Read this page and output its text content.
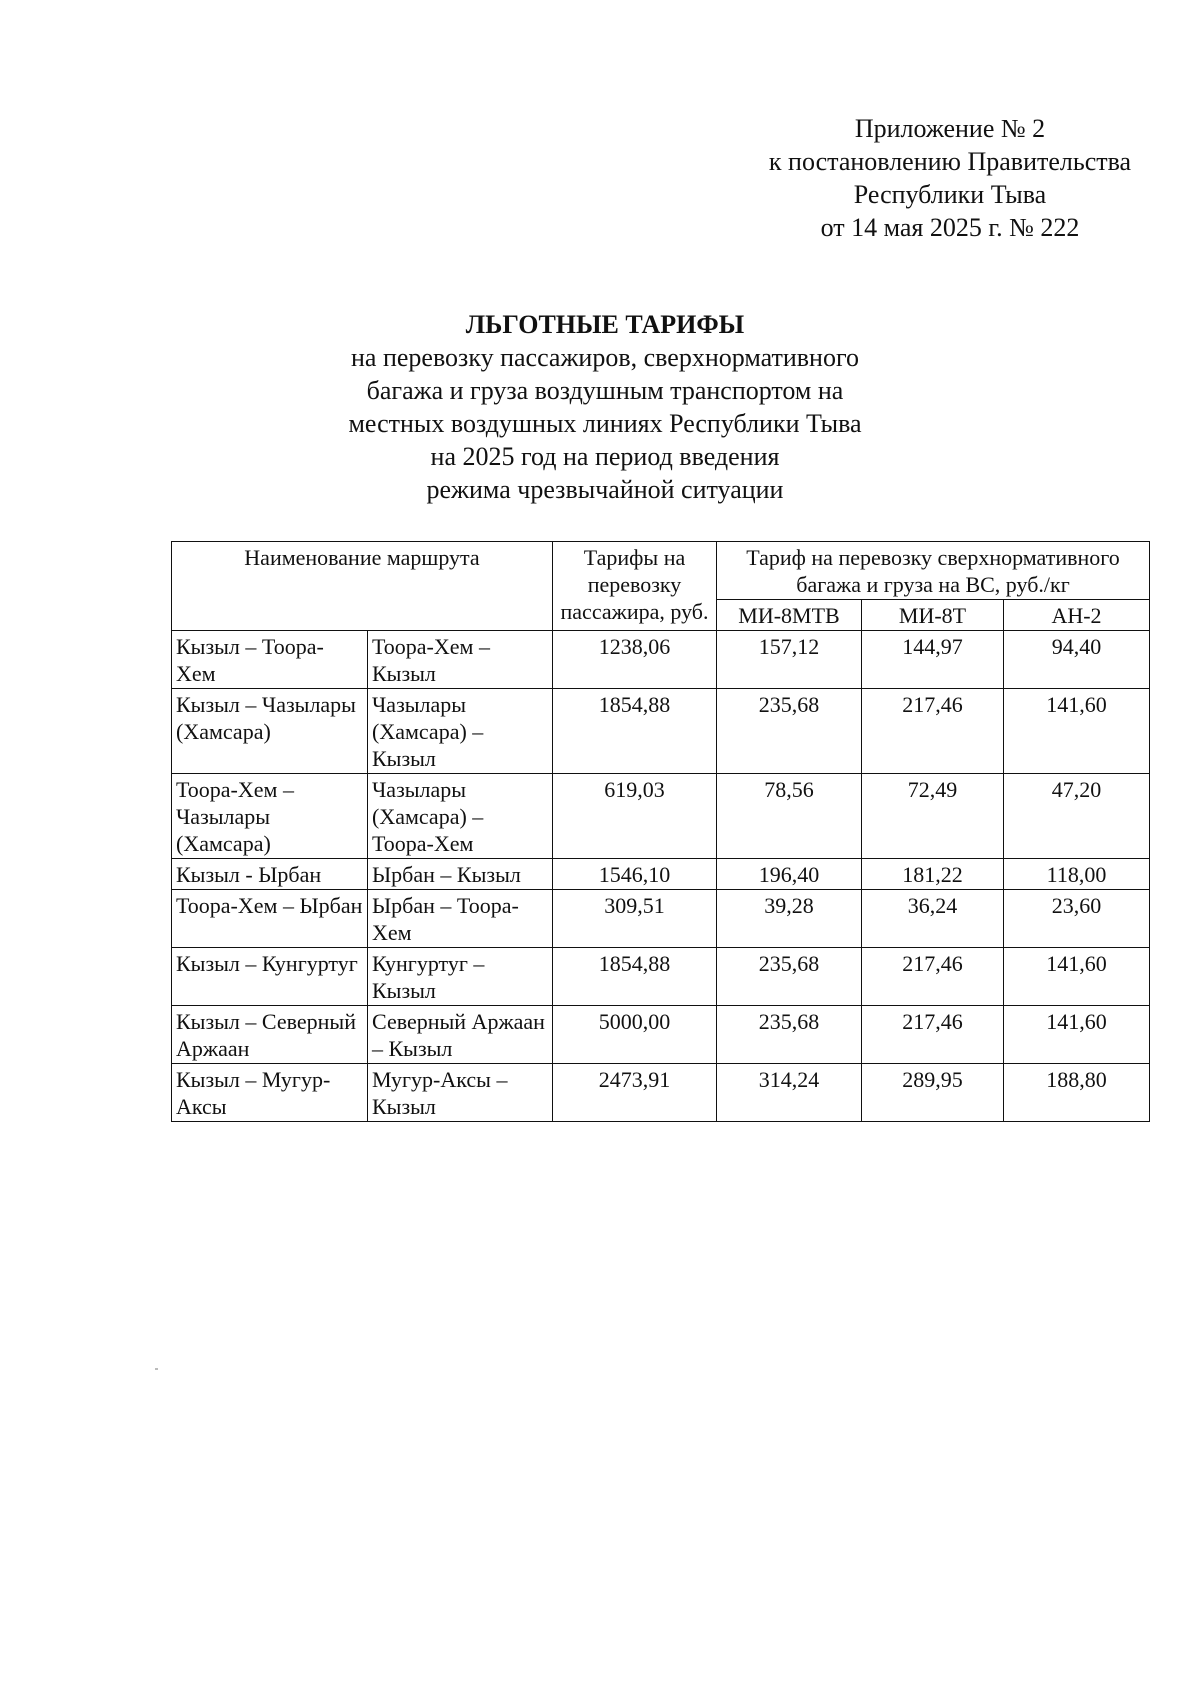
Приложение № 2
к постановлению Правительства
Республики Тыва
от 14 мая 2025 г. № 222
ЛЬГОТНЫЕ ТАРИФЫ
на перевозку пассажиров, сверхнормативного
багажа и груза воздушным транспортом на
местных воздушных линиях Республики Тыва
на 2025 год на период введения
режима чрезвычайной ситуации
Наименование маршрута		Тарифы на перевозку пассажира, руб.	Тариф на перевозку сверхнормативного багажа и груза на ВС, руб./кг		
			МИ-8МТВ	МИ-8Т	АН-2
Кызыл – Тоора-Хем	Тоора-Хем – Кызыл	1238,06	157,12	144,97	94,40
Кызыл – Чазылары (Хамсара)	Чазылары (Хамсара) – Кызыл	1854,88	235,68	217,46	141,60
Тоора-Хем – Чазылары (Хамсара)	Чазылары (Хамсара) – Тоора-Хем	619,03	78,56	72,49	47,20
Кызыл - Ырбан	Ырбан – Кызыл	1546,10	196,40	181,22	118,00
Тоора-Хем – Ырбан	Ырбан – Тоора-Хем	309,51	39,28	36,24	23,60
Кызыл – Кунгуртуг	Кунгуртуг – Кызыл	1854,88	235,68	217,46	141,60
Кызыл – Северный Аржаан	Северный Аржаан – Кызыл	5000,00	235,68	217,46	141,60
Кызыл – Мугур-Аксы	Мугур-Аксы – Кызыл	2473,91	314,24	289,95	188,80
